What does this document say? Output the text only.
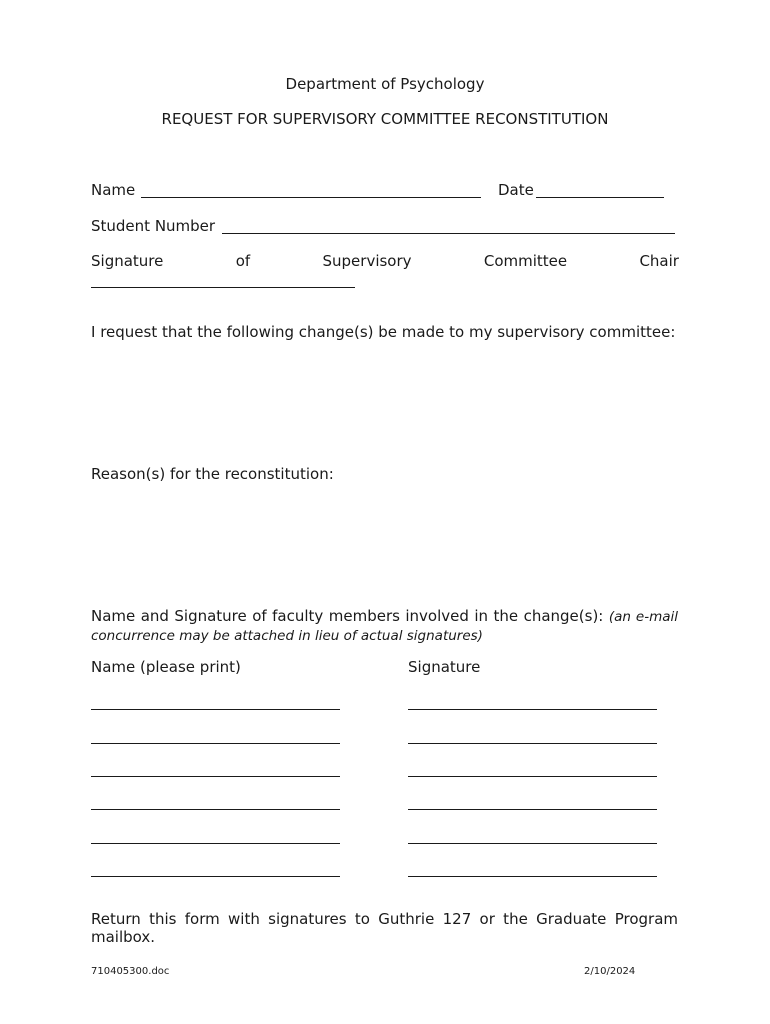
Department of Psychology
REQUEST FOR SUPERVISORY COMMITTEE RECONSTITUTION
Name	Date
Student Number
Signature	of	Supervisory	Committee	Chair
I request that the following change(s) be made to my supervisory committee:
Reason(s) for the reconstitution:
Name and Signature of faculty members involved in the change(s): (an e-mail concurrence may be attached in lieu of actual signatures)
Name (please print)	Signature
Return this form with signatures to Guthrie 127 or the Graduate Program mailbox.
710405300.doc	2/10/2024
